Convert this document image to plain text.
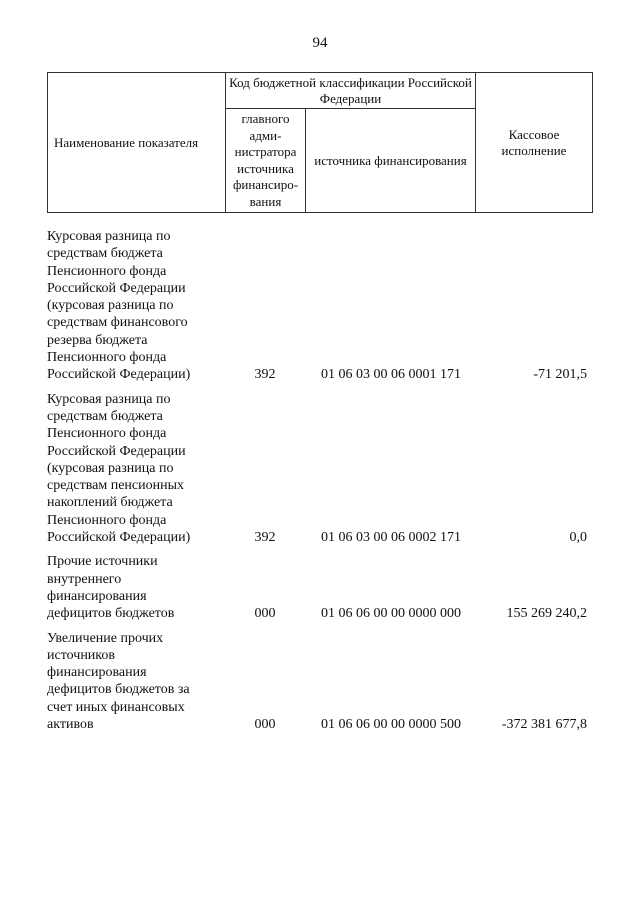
94
Наименование показателя	Код бюджетной классификации Российской Федерации		Кассовое исполнение
	главного адми-нистратора источника финансиро-вания	источника финансирования	
Курсовая разница по
средствам бюджета
Пенсионного фонда
Российской Федерации
(курсовая разница по
средствам финансового
резерва бюджета
Пенсионного фонда
Российской Федерации)	392	01 06 03 00 06 0001 171	-71 201,5
Курсовая разница по
средствам бюджета
Пенсионного фонда
Российской Федерации
(курсовая разница по
средствам пенсионных
накоплений бюджета
Пенсионного фонда
Российской Федерации)	392	01 06 03 00 06 0002 171	0,0
Прочие источники
внутреннего
финансирования
дефицитов бюджетов	000	01 06 06 00 00 0000 000	155 269 240,2
Увеличение прочих
источников
финансирования
дефицитов бюджетов за
счет иных финансовых
активов	000	01 06 06 00 00 0000 500	-372 381 677,8
